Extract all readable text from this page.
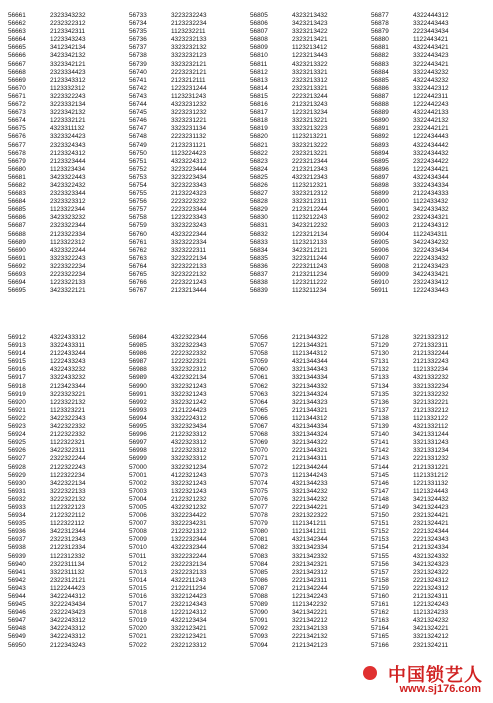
56661	2323343232
56662	2232322312
56663	2123342311
56664	1223343243
56665	3412342134
56666	3423342132
56667	3323342121
56668	2323334423
56669	2123343312
56670	1123332312
56671	3223322243
56672	3223332134
56673	3223342132
56674	1223332121
56675	4323311132
56676	3323324423
56677	2323324343
56678	2123324312
56679	2123323444
56680	1123323434
56681	3423322443
56682	3423322432
56683	2323323344
56684	2323323312
56685	1123322344
56686	3423323232
56687	2323322344
56688	2123322334
56689	1123322312
56690	4323322244
56691	3323322243
56692	3223322234
56693	2223322234
56694	1223322133
56695	3423322121
56733	3223232243
56734	2123232234
56735	1123232211
56736	4323232133
56737	3323232132
56738	3323232123
56739	3323232121
56740	2223232121
56741	2123212111
56742	1223231244
56743	1123231243
56744	4323231232
56745	3223231232
56746	3323231221
56747	3323231134
56748	2223231132
56749	2123231121
56750	1123224423
56751	4323224312
56752	3223223444
56753	3223223434
56754	3223223343
56755	2123224323
56756	2223223232
56757	2223223344
56758	1223223343
56759	3323223243
56760	4323222344
56761	3323222334
56762	3323222311
56763	3223222134
56764	3223222133
56765	3223222132
56766	2223221243
56767	2123213444
56805	4323213432
56806	3423213423
56807	3323213422
56808	2323213421
56809	1123213412
56810	1223213443
56811	4323213322
56812	3323213321
56813	2323213312
56814	2323213321
56815	2223213244
56816	2123213243
56817	1223213234
56818	3323213221
56819	3323213223
56820	1123213221
56821	3323213222
56822	2323213221
56823	2223212344
56824	2123212343
56825	4323212343
56826	1123212321
56827	3323212312
56828	3323212311
56829	2123212244
56830	1123212243
56831	3423212232
56832	1223212134
56833	1123212133
56834	3423212121
56835	3223211244
56836	2223211243
56837	2123211234
56838	1223211222
56839	1123211234
56877	4322444312
56878	3322443443
56879	2223443434
56880	1122443421
56881	4322443421
56882	3322443423
56883	3222443421
56884	3322443232
56885	4322443232
56886	3322442312
56887	1222442311
56888	1222442243
56889	4322442133
56890	3322442132
56891	2322442121
56892	1222434443
56893	4322434442
56894	3322434432
56895	2322434422
56896	1222434421
56897	4322434344
56898	3322434334
56899	2122434333
56900	1122433432
56901	3422433432
56902	2322434321
56903	2122434312
56904	1122434311
56905	3422434232
56906	3222433434
56907	2222433432
56908	2122433423
56909	3422433421
56910	2322433412
56911	1222433443
56912	4322433312
56913	3322433311
56914	2122433244
56915	1222433243
56916	4322433232
56917	3322433232
56918	2123423344
56919	3223323221
56920	1223322132
56921	1123323221
56922	3422322343
56923	3422322332
56924	2122322332
56925	1122322321
56926	3422322311
56927	2322322244
56928	2122322243
56929	1122322234
56930	3422322134
56931	3222322133
56932	3222322132
56933	1122322123
56934	2122322112
56935	1122322112
56936	3422312344
56937	2322312343
56938	2122312334
56939	1122312332
56940	2322311134
56941	3322311132
56942	2322312121
56943	1122244423
56944	3422244312
56945	3222243434
56946	2322243423
56947	3422243312
56948	3422243312
56949	3422243312
56950	2122343243
56984	4322322344
56985	3322322343
56986	2222322332
56987	1222322321
56988	3322322312
56989	4322322134
56990	3322321243
56991	3322321243
56992	3322321242
56993	2121224423
56994	3322224312
56995	3322323434
56996	2122323312
56997	4322323312
56998	1222323312
56999	3322323312
57000	3322321234
57001	4122321243
57002	3322321243
57003	1322321243
57004	2122321232
57005	4322321232
57006	3322234422
57007	3322234231
57008	2122321312
57009	1322232344
57010	4322232344
57011	3322232244
57012	2322232134
57013	2322232133
57014	4322211243
57015	2122211234
57016	3322124423
57017	2322124343
57018	1222124312
57019	4322123434
57020	3322123421
57021	2322123421
57022	2322123312
57056	2121344322
57057	1221344321
57058	1121344312
57059	4321344344
57060	3321344343
57061	3321344334
57062	3221344332
57063	3221344324
57064	3221344323
57065	2121344321
57066	1121344312
57067	4321344334
57068	3321344324
57069	3221344322
57070	2221344321
57071	2121344311
57072	1221344244
57073	1121344243
57074	4321344233
57075	3321344232
57076	3221344232
57077	2221344221
57078	2321322322
57079	1121341211
57080	1121341211
57081	4321342344
57082	3321342334
57083	3321342332
57084	2321342321
57085	2321342312
57086	2221342311
57087	2121342244
57088	1221342243
57089	1121342232
57090	3421342221
57091	3221342212
57092	2321342133
57093	2221342132
57094	2121342123
57128	3221332312
57129	2721332311
57130	2121332244
57131	2121332243
57132	1121332234
57133	4321332232
57134	3321332234
57135	3221332232
57136	3221332221
57137	2121332212
57138	1121332122
57139	4321332112
57140	3421331244
57141	3321331243
57142	3321331234
57143	2221331232
57144	2121331221
57145	1121331212
57146	1221331132
57147	1121324443
57148	3421324432
57149	3421324423
57150	2321324421
57151	2321324421
57152	2221324344
57153	2221324343
57154	2121324334
57155	4321324332
57156	3421324323
57157	2321324322
57158	2221324312
57159	2221324312
57160	2121324311
57161	1221324243
57162	1121324233
57163	4321324232
57164	3421324221
57165	3321324212
57166	2321324211
中国锁艺人
www.sj176.com
